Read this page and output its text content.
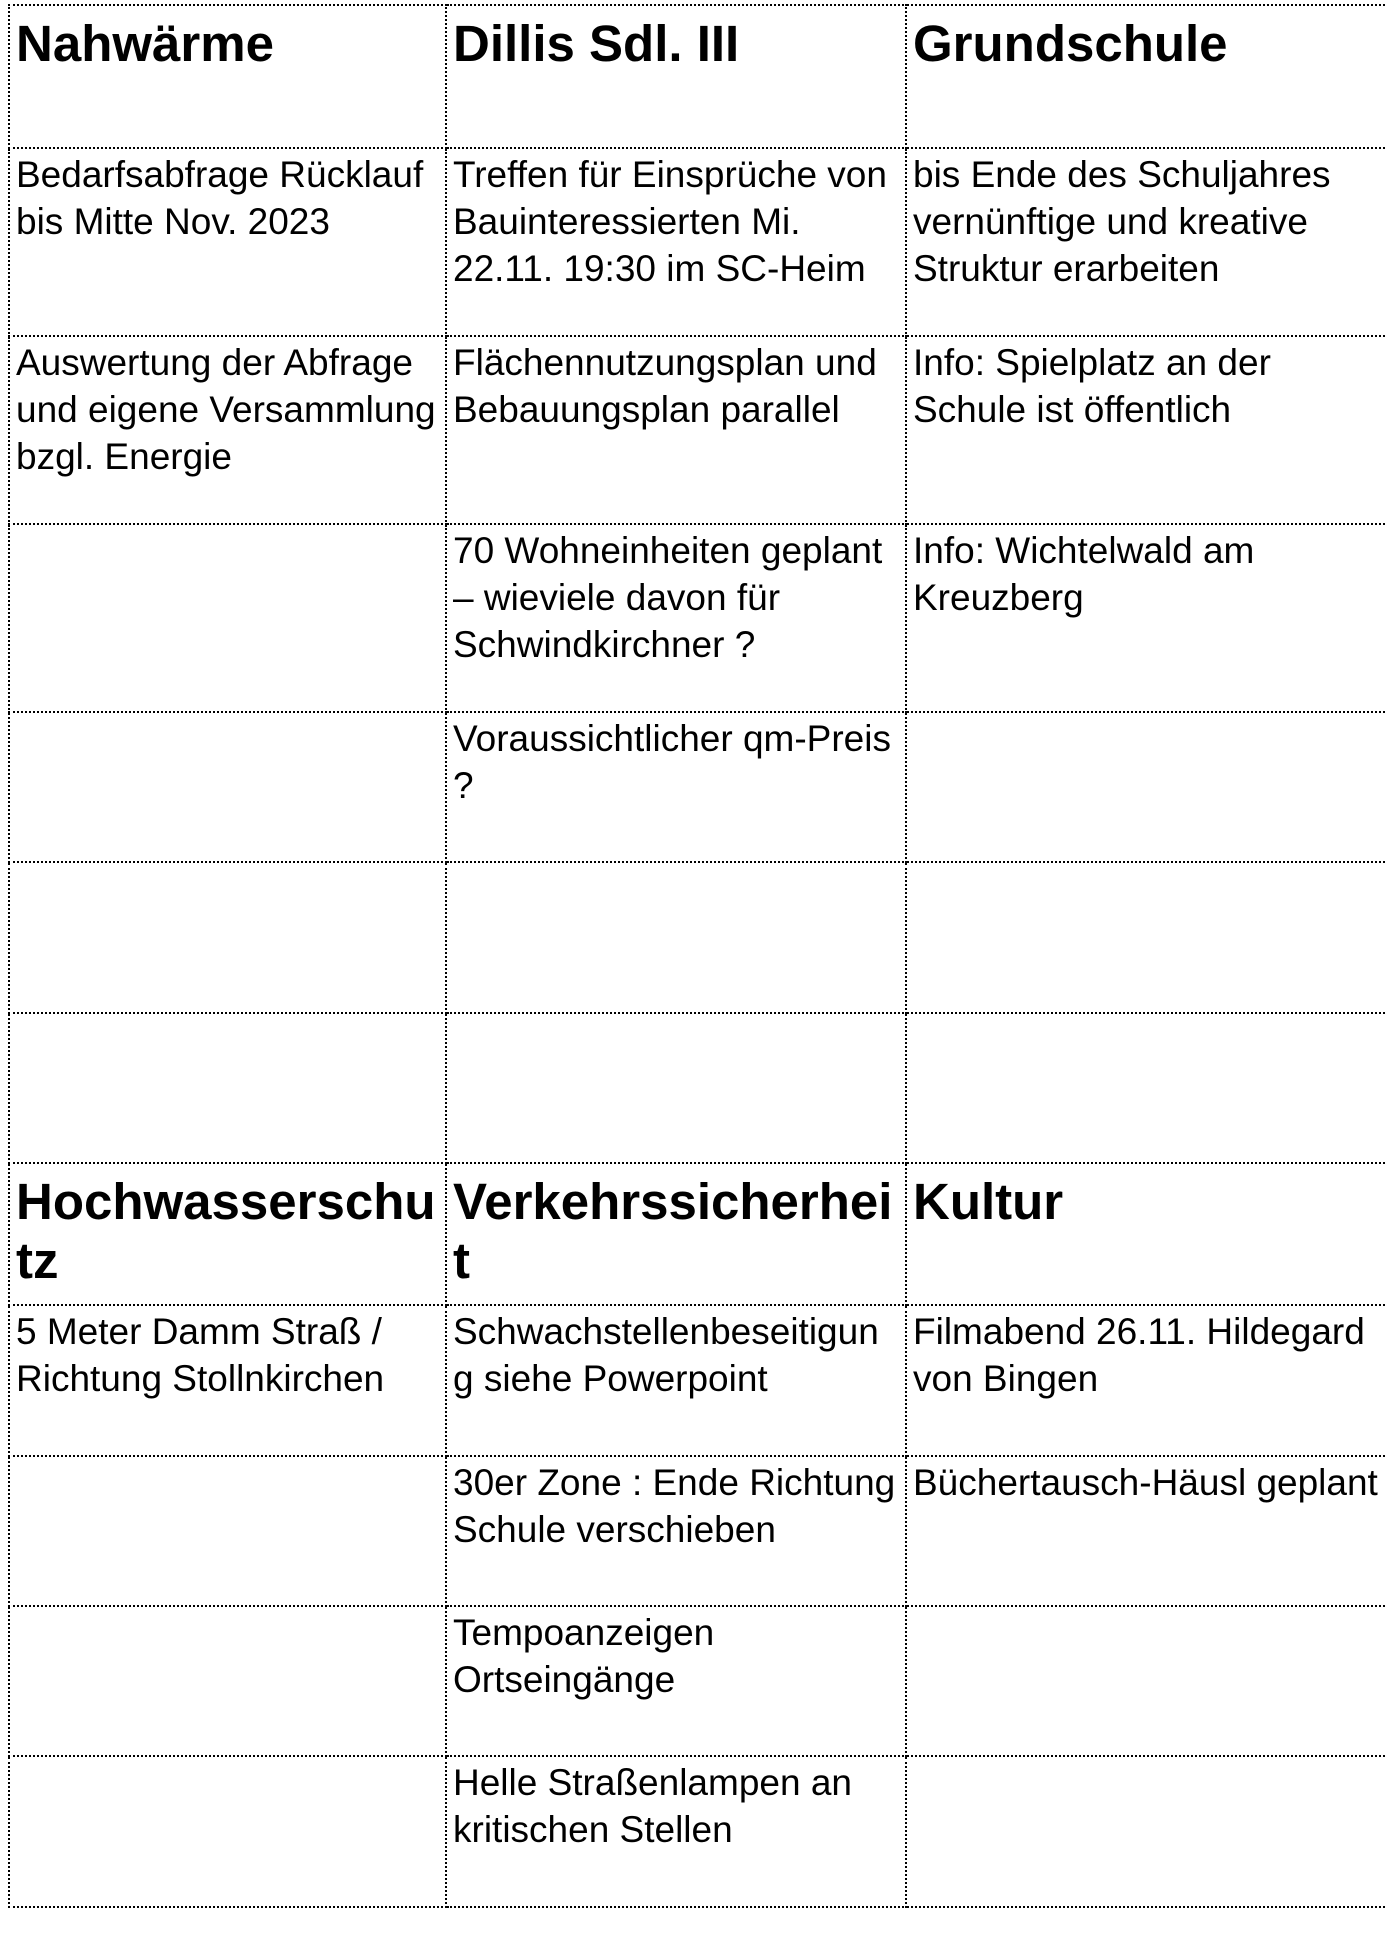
Nahwärme	Dillis Sdl. III	Grundschule
Bedarfsabfrage Rücklauf bis Mitte Nov. 2023	Treffen für Einsprüche von Bauinteressierten Mi. 22.11. 19:30 im SC-Heim	bis Ende des Schuljahres vernünftige und kreative Struktur erarbeiten
Auswertung der Abfrage und eigene Versammlung bzgl. Energie	Flächennutzungsplan und Bebauungsplan parallel	Info: Spielplatz an der Schule ist öffentlich
	70 Wohneinheiten geplant – wieviele davon für Schwindkirchner ?	Info: Wichtelwald am Kreuzberg
	Voraussichtlicher qm-Preis ?	

Hochwasserschutz	Verkehrssicherheit	Kultur
5 Meter Damm Straß / Richtung Stollnkirchen	Schwachstellenbeseitigung siehe Powerpoint	Filmabend 26.11. Hildegard von Bingen
	30er Zone : Ende Richtung Schule verschieben	Büchertausch-Häusl geplant
	Tempoanzeigen Ortseingänge	
	Helle Straßenlampen an kritischen Stellen	
